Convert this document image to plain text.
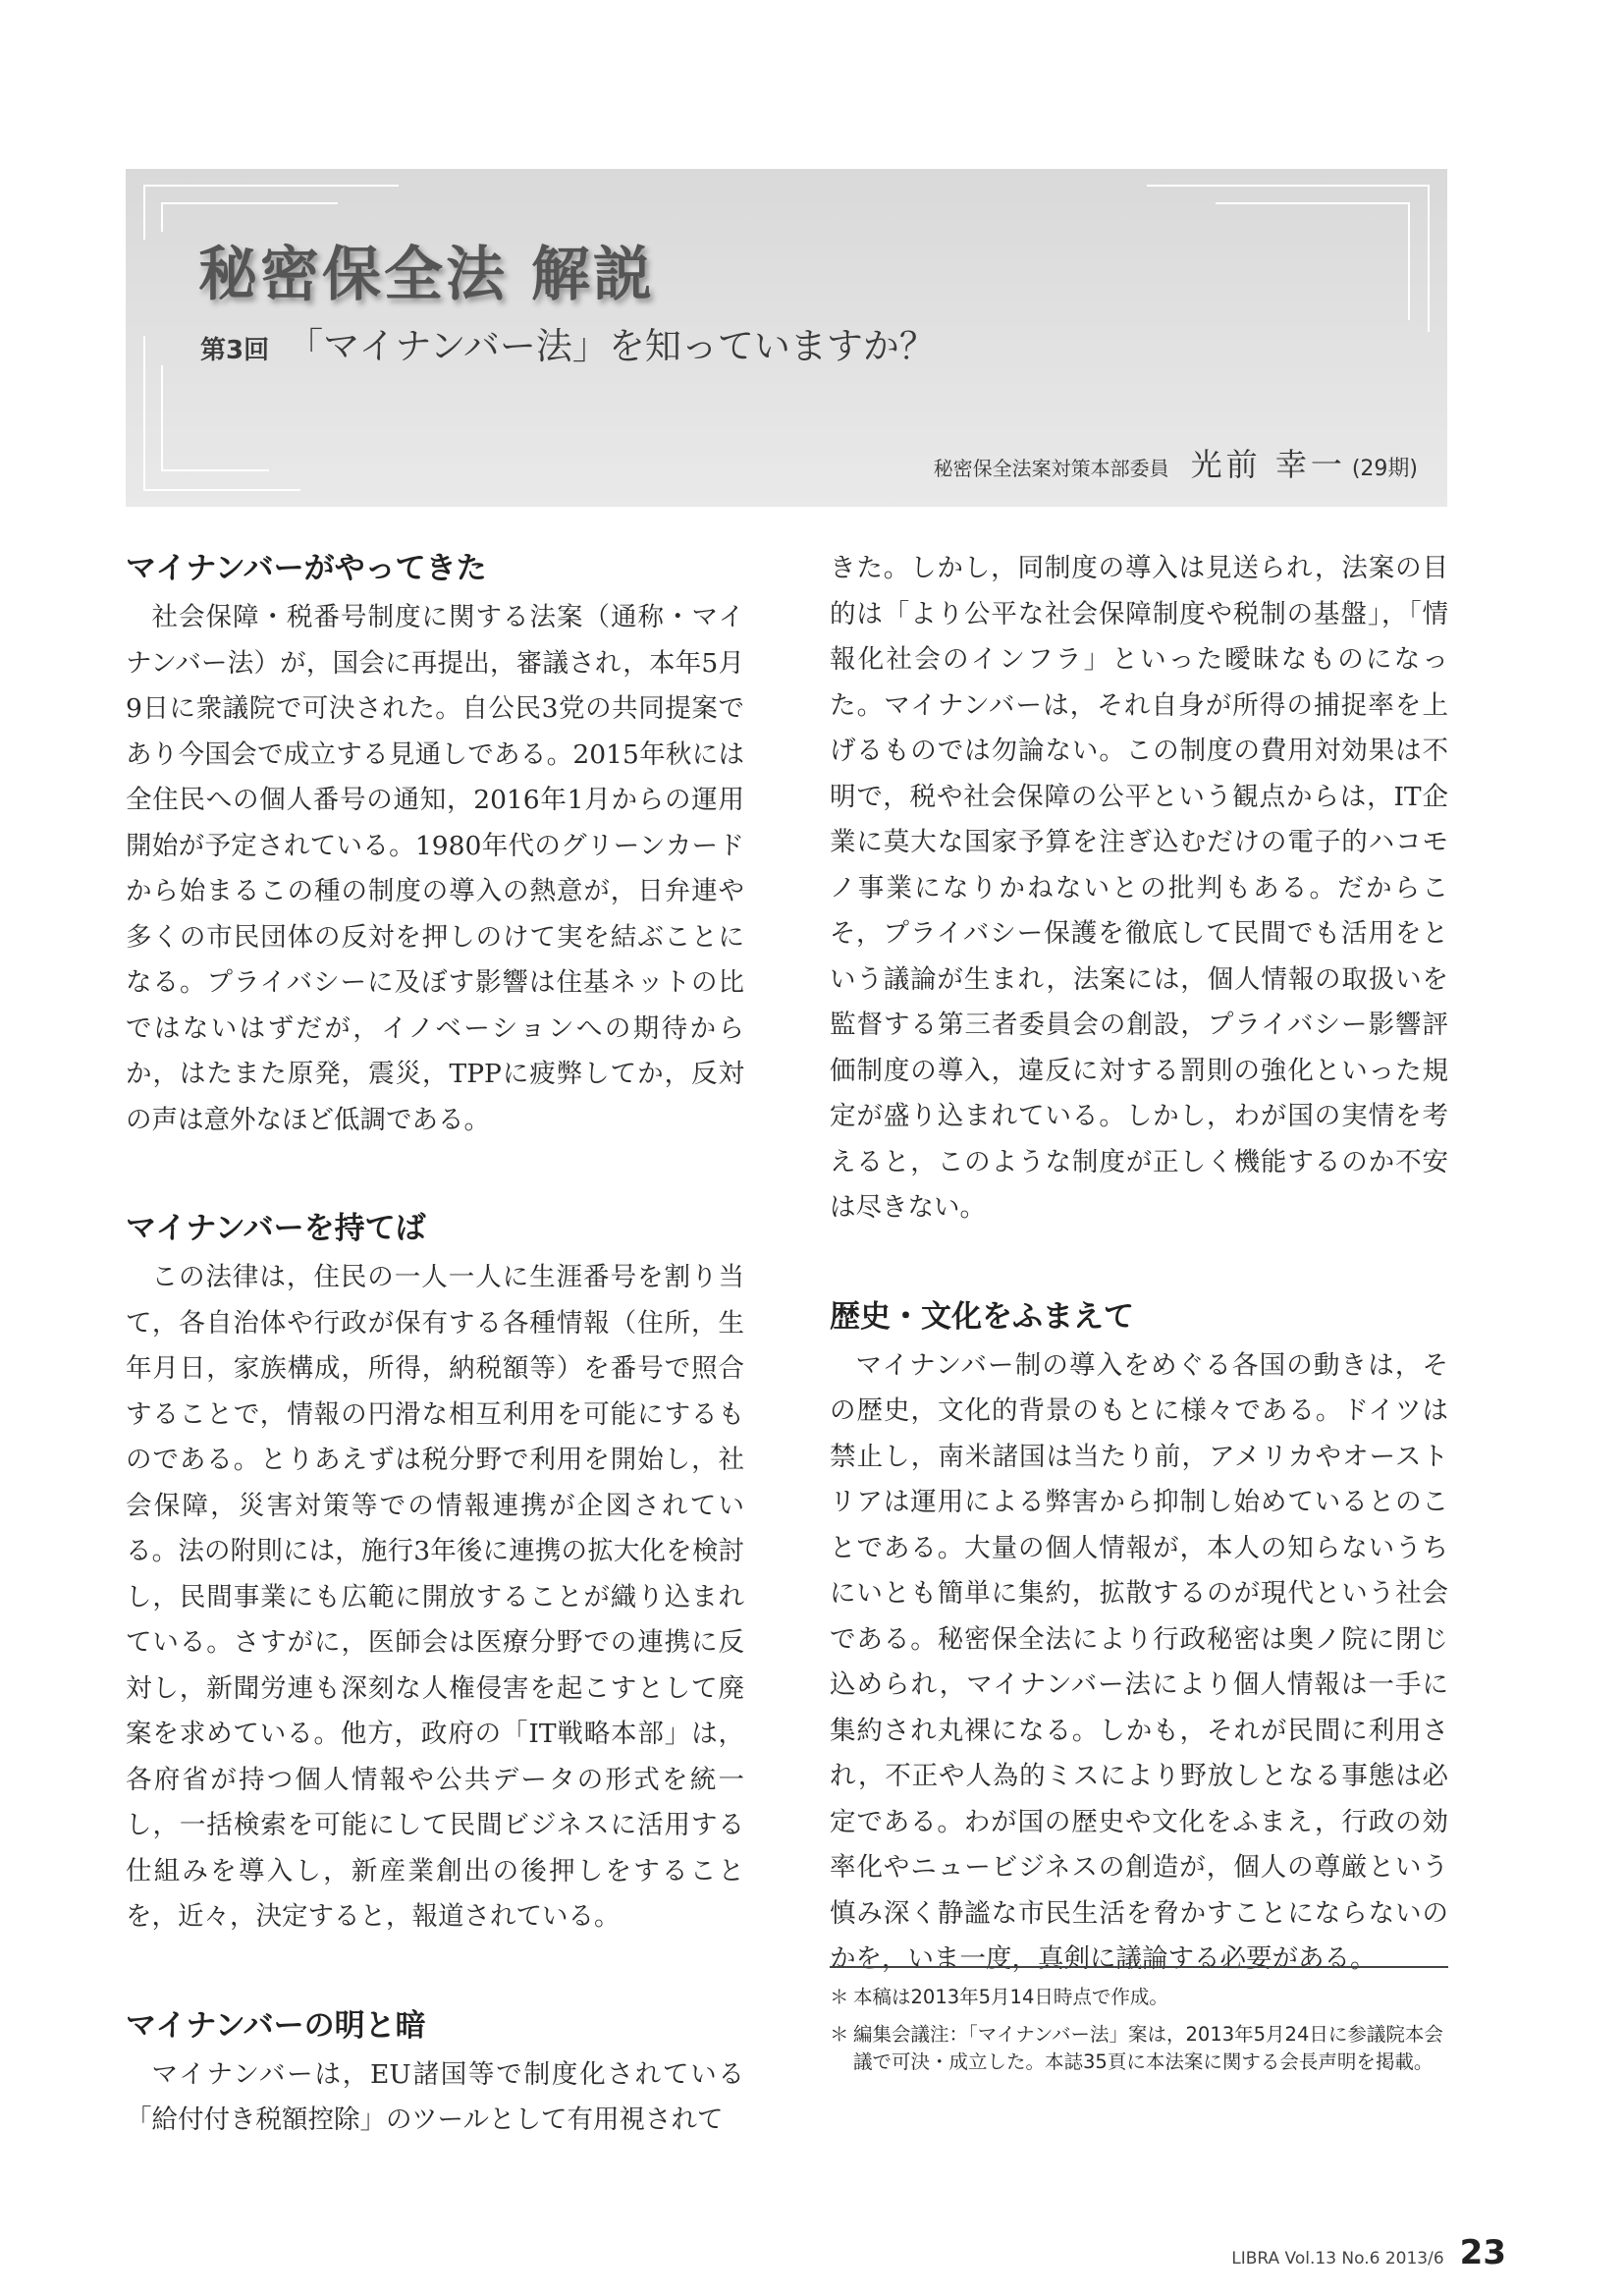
秘密保全法 解説
第3回 「マイナンバー法」を知っていますか？
秘密保全法案対策本部委員 光前 幸一 (29期)
マイナンバーがやってきた

社会保障・税番号制度に関する法案（通称・マイナンバー法）が，国会に再提出，審議され，本年5月9日に衆議院で可決された。自公民3党の共同提案であり今国会で成立する見通しである。2015年秋には全住民への個人番号の通知，2016年1月からの運用開始が予定されている。1980年代のグリーンカードから始まるこの種の制度の導入の熱意が，日弁連や多くの市民団体の反対を押しのけて実を結ぶことになる。プライバシーに及ぼす影響は住基ネットの比ではないはずだが，イノベーションへの期待からか，はたまた原発，震災，TPPに疲弊してか，反対の声は意外なほど低調である。

マイナンバーを持てば

この法律は，住民の一人一人に生涯番号を割り当て，各自治体や行政が保有する各種情報（住所，生年月日，家族構成，所得，納税額等）を番号で照合することで，情報の円滑な相互利用を可能にするものである。とりあえずは税分野で利用を開始し，社会保障，災害対策等での情報連携が企図されている。法の附則には，施行3年後に連携の拡大化を検討し，民間事業にも広範に開放することが織り込まれている。さすがに，医師会は医療分野での連携に反対し，新聞労連も深刻な人権侵害を起こすとして廃案を求めている。他方，政府の「IT戦略本部」は，各府省が持つ個人情報や公共データの形式を統一し，一括検索を可能にして民間ビジネスに活用する仕組みを導入し，新産業創出の後押しをすることを，近々，決定すると，報道されている。

マイナンバーの明と暗

マイナンバーは，EU諸国等で制度化されている「給付付き税額控除」のツールとして有用視されて

きた。しかし，同制度の導入は見送られ，法案の目的は「より公平な社会保障制度や税制の基盤」，「情報化社会のインフラ」といった曖昧なものになった。マイナンバーは，それ自身が所得の捕捉率を上げるものでは勿論ない。この制度の費用対効果は不明で，税や社会保障の公平という観点からは，IT企業に莫大な国家予算を注ぎ込むだけの電子的ハコモノ事業になりかねないとの批判もある。だからこそ，プライバシー保護を徹底して民間でも活用をという議論が生まれ，法案には，個人情報の取扱いを監督する第三者委員会の創設，プライバシー影響評価制度の導入，違反に対する罰則の強化といった規定が盛り込まれている。しかし，わが国の実情を考えると，このような制度が正しく機能するのか不安は尽きない。

歴史・文化をふまえて

マイナンバー制の導入をめぐる各国の動きは，その歴史，文化的背景のもとに様々である。ドイツは禁止し，南米諸国は当たり前，アメリカやオーストリアは運用による弊害から抑制し始めているとのことである。大量の個人情報が，本人の知らないうちにいとも簡単に集約，拡散するのが現代という社会である。秘密保全法により行政秘密は奥ノ院に閉じ込められ，マイナンバー法により個人情報は一手に集約され丸裸になる。しかも，それが民間に利用され，不正や人為的ミスにより野放しとなる事態は必定である。わが国の歴史や文化をふまえ，行政の効率化やニュービジネスの創造が，個人の尊厳という慎み深く静謐な市民生活を脅かすことにならないのかを，いま一度，真剣に議論する必要がある。

＊ 本稿は2013年5月14日時点で作成。
＊ 編集会議注：「マイナンバー法」案は，2013年5月24日に参議院本会議で可決・成立した。本誌35頁に本法案に関する会長声明を掲載。
LIBRA Vol.13 No.6 2013/6 23
